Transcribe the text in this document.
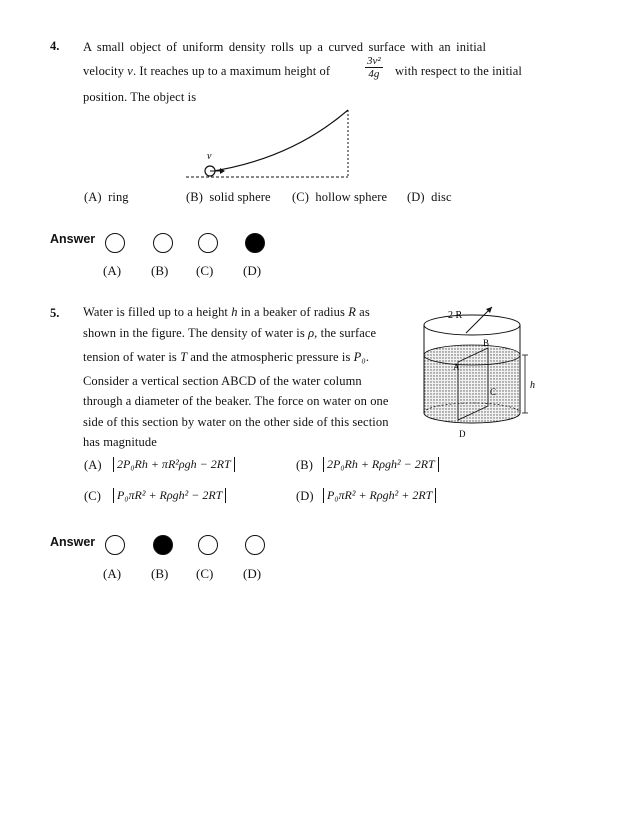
4. A small object of uniform density rolls up a curved surface with an initial
velocity v. It reaches up to a maximum height of	$\frac{\text{3v²}}{4g}$ with respect to the initial
position. The object is
v
(A)  ring	(B)  solid sphere (C)  hollow sphere (D)  disc
Answer
(A) (B) (C) (D)
5. Water is filled up to a height h in a beaker of radius R as
shown in the figure. The density of water is ρ, the surface
tension of water is T and the atmospheric pressure is P₀.
Consider a vertical section ABCD of the water column
through a diameter of the beaker. The force on water on one
side of this section by water on the other side of this section
has magnitude
2 R
A
B
C
D
h
(A)	2P₀Rh + πR²ρgh − 2RT	(B)	2P₀Rh + Rρgh² − 2RT
(C)	P₀πR² + Rρgh² − 2RT	(D)	P₀πR² + Rρgh² + 2RT
Answer
(A) (B) (C) (D)
